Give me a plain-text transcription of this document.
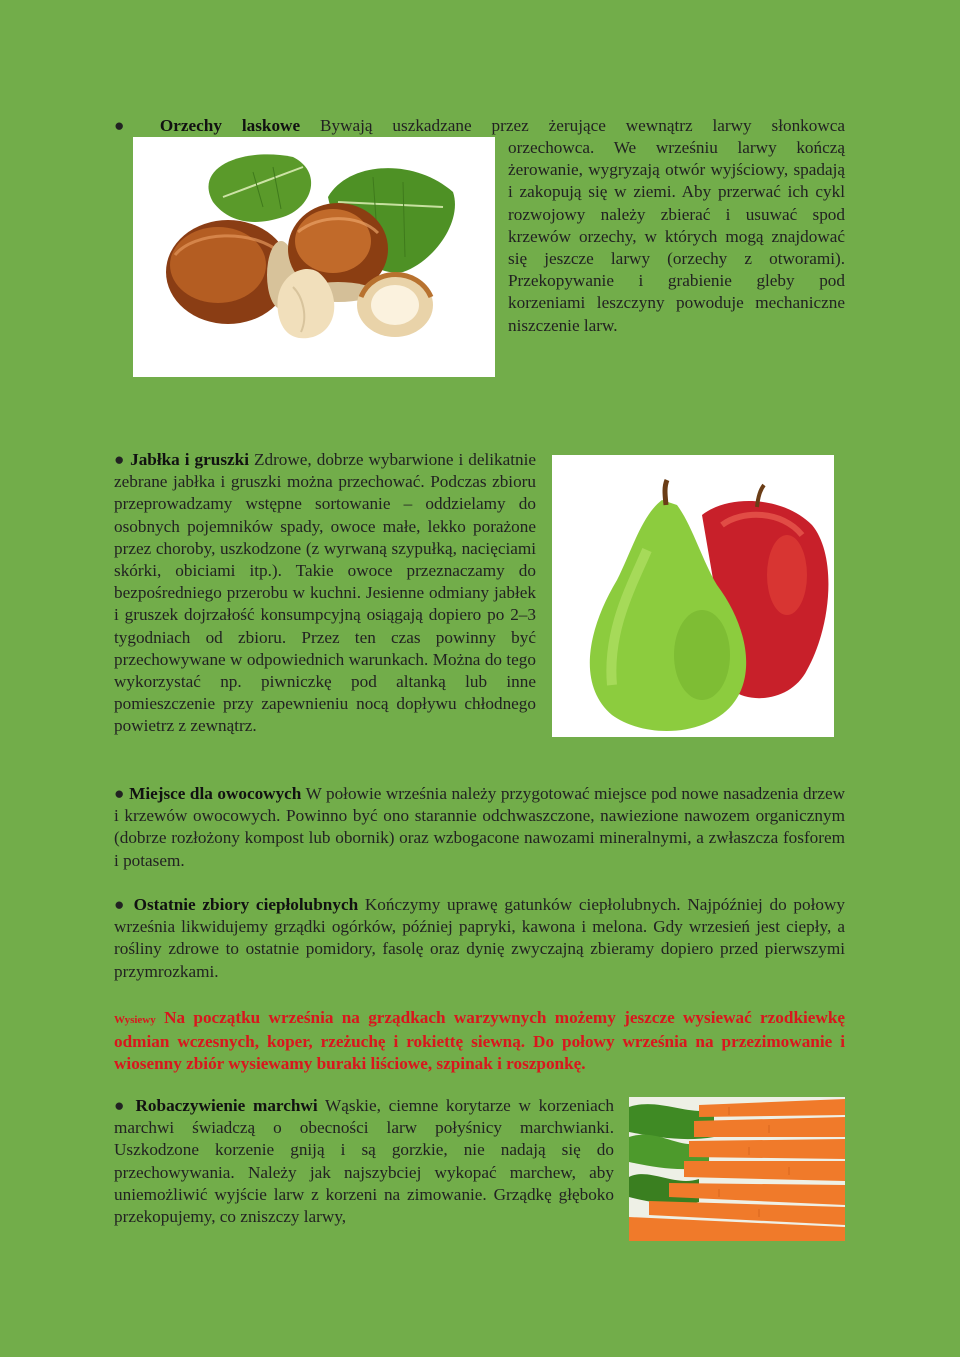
● Orzechy laskowe Bywają uszkadzane przez żerujące wewnątrz larwy słonkowca

orzechowca. We wrześniu larwy kończą żerowanie, wygryzają otwór wyjściowy, spadają i zakopują się w ziemi. Aby przerwać ich cykl rozwojowy należy zbierać i usuwać spod krzewów orzechy, w których mogą znajdować się jeszcze larwy (orzechy z otworami). Przekopywanie i grabienie gleby pod korzeniami leszczyny powoduje mechaniczne niszczenie larw.

● Jabłka i gruszki Zdrowe, dobrze wybarwione i delikatnie zebrane jabłka i gruszki można przechować. Podczas zbioru przeprowadzamy wstępne sortowanie – oddzielamy do osobnych pojemników spady, owoce małe, lekko porażone przez choroby, uszkodzone (z wyrwaną szypułką, nacięciami skórki, obiciami itp.). Takie owoce przeznaczamy do bezpośredniego przerobu w kuchni. Jesienne odmiany jabłek i gruszek dojrzałość konsumpcyjną osiągają dopiero po 2–3 tygodniach od zbioru. Przez ten czas powinny być przechowywane w odpowiednich warunkach. Można do tego wykorzystać np. piwniczkę pod altanką lub inne pomieszczenie przy zapewnieniu nocą dopływu chłodnego powietrz z zewnątrz.

● Miejsce dla owocowych W połowie września należy przygotować miejsce pod nowe nasadzenia drzew i krzewów owocowych. Powinno być ono starannie odchwaszczone, nawiezione nawozem organicznym (dobrze rozłożony kompost lub obornik) oraz wzbogacone nawozami mineralnymi, a zwłaszcza fosforem i potasem.

● Ostatnie zbiory ciepłolubnych Kończymy uprawę gatunków ciepłolubnych. Najpóźniej do połowy września likwidujemy grządki ogórków, później papryki, kawona i melona. Gdy wrzesień jest ciepły, a rośliny zdrowe to ostatnie pomidory, fasolę oraz dynię zwyczajną zbieramy dopiero przed pierwszymi przymrozkami.

Wysiewy Na początku września na grządkach warzywnych możemy jeszcze wysiewać rzodkiewkę odmian wczesnych, koper, rzeżuchę i rokiettę siewną. Do połowy września na przezimowanie i wiosenny zbiór wysiewamy buraki liściowe, szpinak i roszponkę.

● Robaczywienie marchwi Wąskie, ciemne korytarze w korzeniach marchwi świadczą o obecności larw połyśnicy marchwianki. Uszkodzone korzenie gniją i są gorzkie, nie nadają się do przechowywania. Należy jak najszybciej wykopać marchew, aby uniemożliwić wyjście larw z korzeni na zimowanie. Grządkę głęboko przekopujemy, co zniszczy larwy,
